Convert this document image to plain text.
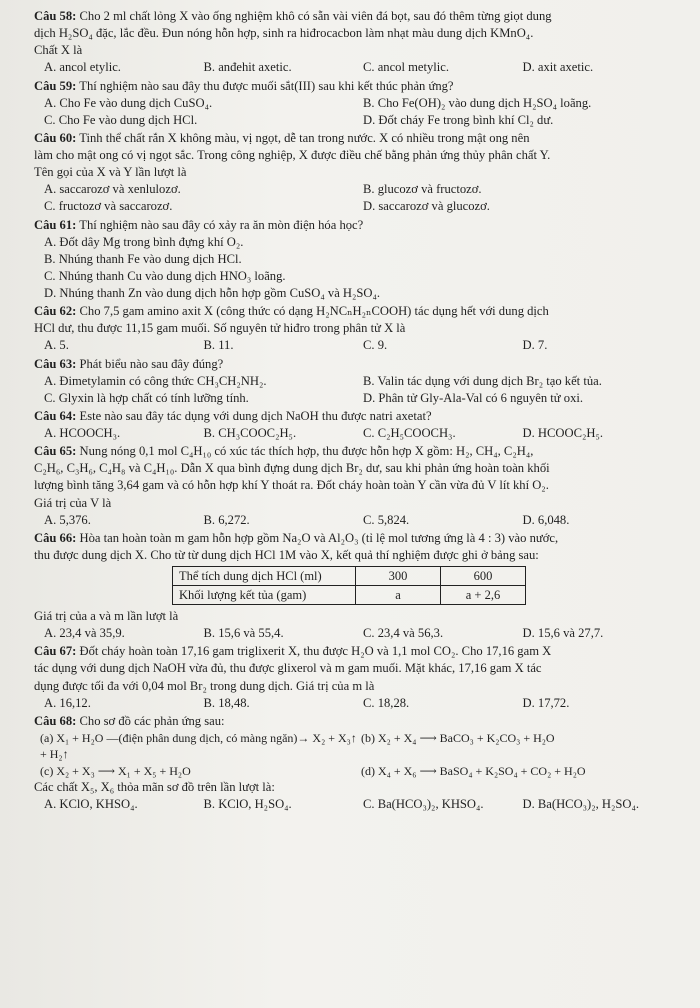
Câu 58: Cho 2 ml chất lỏng X vào ống nghiệm khô có sẵn vài viên đá bọt, sau đó thêm từng giọt dung
dịch H₂SO₄ đặc, lắc đều. Đun nóng hỗn hợp, sinh ra hiđrocacbon làm nhạt màu dung dịch KMnO₄.
Chất X là
A. ancol etylic.	B. anđehit axetic.	C. ancol metylic.	D. axit axetic.
Câu 59: Thí nghiệm nào sau đây thu được muối sắt(III) sau khi kết thúc phản ứng?
A. Cho Fe vào dung dịch CuSO₄.	B. Cho Fe(OH)₂ vào dung dịch H₂SO₄ loãng.
C. Cho Fe vào dung dịch HCl.	D. Đốt cháy Fe trong bình khí Cl₂ dư.
Câu 60: Tinh thể chất rắn X không màu, vị ngọt, dễ tan trong nước. X có nhiều trong mật ong nên
làm cho mật ong có vị ngọt sắc. Trong công nghiệp, X được điều chế bằng phản ứng thủy phân chất Y.
Tên gọi của X và Y lần lượt là
A. saccarozơ và xenlulozơ.	B. glucozơ và fructozơ.
C. fructozơ và saccarozơ.	D. saccarozơ và glucozơ.
Câu 61: Thí nghiệm nào sau đây có xảy ra ăn mòn điện hóa học?
A. Đốt dây Mg trong bình đựng khí O₂.
B. Nhúng thanh Fe vào dung dịch HCl.
C. Nhúng thanh Cu vào dung dịch HNO₃ loãng.
D. Nhúng thanh Zn vào dung dịch hỗn hợp gồm CuSO₄ và H₂SO₄.
Câu 62: Cho 7,5 gam amino axit X (công thức có dạng H₂NCₙH₂ₙCOOH) tác dụng hết với dung dịch
HCl dư, thu được 11,15 gam muối. Số nguyên tử hiđro trong phân tử X là
A. 5.	B. 11.	C. 9.	D. 7.
Câu 63: Phát biểu nào sau đây đúng?
A. Đimetylamin có công thức CH₃CH₂NH₂.	B. Valin tác dụng với dung dịch Br₂ tạo kết tủa.
C. Glyxin là hợp chất có tính lưỡng tính.	D. Phân tử Gly-Ala-Val có 6 nguyên tử oxi.
Câu 64: Este nào sau đây tác dụng với dung dịch NaOH thu được natri axetat?
A. HCOOCH₃.	B. CH₃COOC₂H₅.	C. C₂H₅COOCH₃.	D. HCOOC₂H₅.
Câu 65: Nung nóng 0,1 mol C₄H₁₀ có xúc tác thích hợp, thu được hỗn hợp X gồm: H₂, CH₄, C₂H₄,
C₂H₆, C₃H₆, C₄H₈ và C₄H₁₀. Dẫn X qua bình đựng dung dịch Br₂ dư, sau khi phản ứng hoàn toàn khối
lượng bình tăng 3,64 gam và có hỗn hợp khí Y thoát ra. Đốt cháy hoàn toàn Y cần vừa đủ V lít khí O₂.
Giá trị của V là
A. 5,376.	B. 6,272.	C. 5,824.	D. 6,048.
Câu 66: Hòa tan hoàn toàn m gam hỗn hợp gồm Na₂O và Al₂O₃ (tỉ lệ mol tương ứng là 4 : 3) vào nước,
thu được dung dịch X. Cho từ từ dung dịch HCl 1M vào X, kết quả thí nghiệm được ghi ở bảng sau:
Thể tích dung dịch HCl (ml)	300	600
Khối lượng kết tủa (gam)	a	a + 2,6
Giá trị của a và m lần lượt là
A. 23,4 và 35,9.	B. 15,6 và 55,4.	C. 23,4 và 56,3.	D. 15,6 và 27,7.
Câu 67: Đốt cháy hoàn toàn 17,16 gam triglixerit X, thu được H₂O và 1,1 mol CO₂. Cho 17,16 gam X
tác dụng với dung dịch NaOH vừa đủ, thu được glixerol và m gam muối. Mặt khác, 17,16 gam X tác
dụng được tối đa với 0,04 mol Br₂ trong dung dịch. Giá trị của m là
A. 16,12.	B. 18,48.	C. 18,28.	D. 17,72.
Câu 68: Cho sơ đồ các phản ứng sau:
(a) X₁ + H₂O —(điện phân dung dịch, có màng ngăn)→ X₂ + X₃↑ + H₂↑
(b) X₂ + X₄ ⟶ BaCO₃ + K₂CO₃ + H₂O
(c) X₂ + X₃ ⟶ X₁ + X₅ + H₂O	(d) X₄ + X₆ ⟶ BaSO₄ + K₂SO₄ + CO₂ + H₂O
Các chất X₅, X₆ thỏa mãn sơ đồ trên lần lượt là:
A. KClO, KHSO₄.	B. KClO, H₂SO₄.	C. Ba(HCO₃)₂, KHSO₄.	D. Ba(HCO₃)₂, H₂SO₄.
